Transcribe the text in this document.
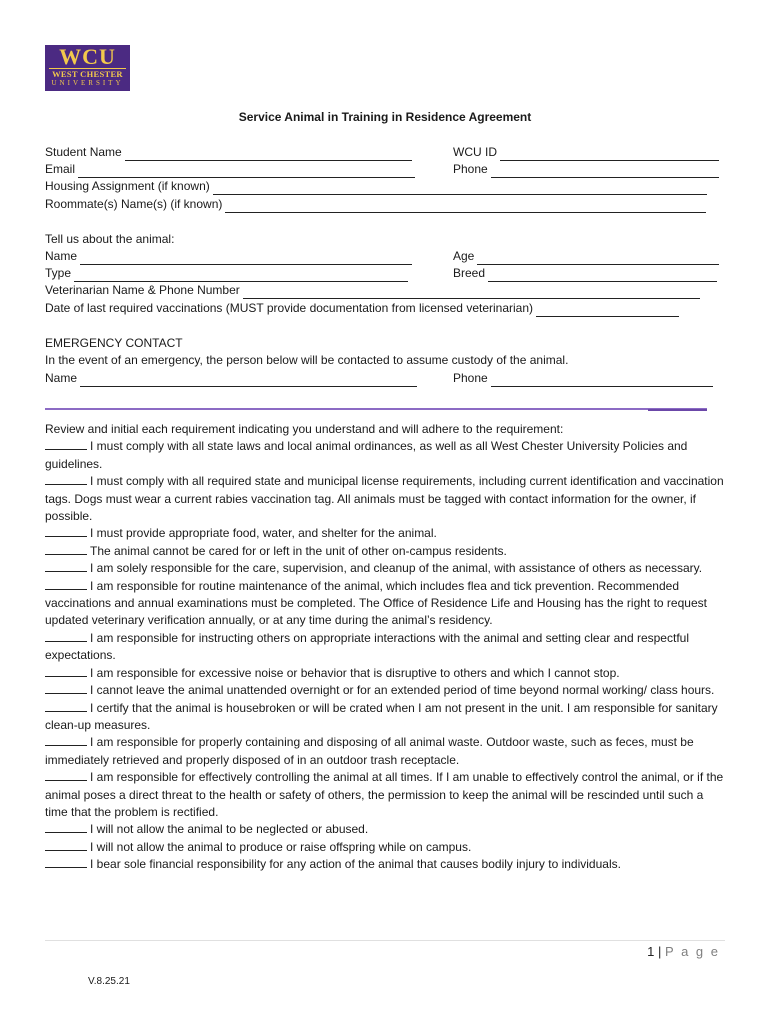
WCU
WEST CHESTER
UNIVERSITY
Service Animal in Training in Residence Agreement
Student Name	WCU ID
Email	Phone
Housing Assignment (if known)
Roommate(s) Name(s) (if known)
Tell us about the animal:
Name	Age
Type	Breed
Veterinarian Name & Phone Number
Date of last required vaccinations (MUST provide documentation from licensed veterinarian)
EMERGENCY CONTACT
In the event of an emergency, the person below will be contacted to assume custody of the animal.
Name	Phone

Review and initial each requirement indicating you understand and will adhere to the requirement:

I must comply with all state laws and local animal ordinances, as well as all West Chester University Policies and guidelines.

I must comply with all required state and municipal license requirements, including current identification and vaccination tags. Dogs must wear a current rabies vaccination tag. All animals must be tagged with contact information for the owner, if possible.

I must provide appropriate food, water, and shelter for the animal.

The animal cannot be cared for or left in the unit of other on-campus residents.

I am solely responsible for the care, supervision, and cleanup of the animal, with assistance of others as necessary.

I am responsible for routine maintenance of the animal, which includes flea and tick prevention. Recommended vaccinations and annual examinations must be completed. The Office of Residence Life and Housing has the right to request updated veterinary verification annually, or at any time during the animal’s residency.

I am responsible for instructing others on appropriate interactions with the animal and setting clear and respectful expectations.

I am responsible for excessive noise or behavior that is disruptive to others and which I cannot stop.

I cannot leave the animal unattended overnight or for an extended period of time beyond normal working/ class hours.

I certify that the animal is housebroken or will be crated when I am not present in the unit. I am responsible for sanitary clean-up measures.

I am responsible for properly containing and disposing of all animal waste. Outdoor waste, such as feces, must be immediately retrieved and properly disposed of in an outdoor trash receptacle.

I am responsible for effectively controlling the animal at all times. If I am unable to effectively control the animal, or if the animal poses a direct threat to the health or safety of others, the permission to keep the animal will be rescinded until such a time that the problem is rectified.

I will not allow the animal to be neglected or abused.

I will not allow the animal to produce or raise offspring while on campus.

I bear sole financial responsibility for any action of the animal that causes bodily injury to individuals.

1 | P a g e
V.8.25.21
